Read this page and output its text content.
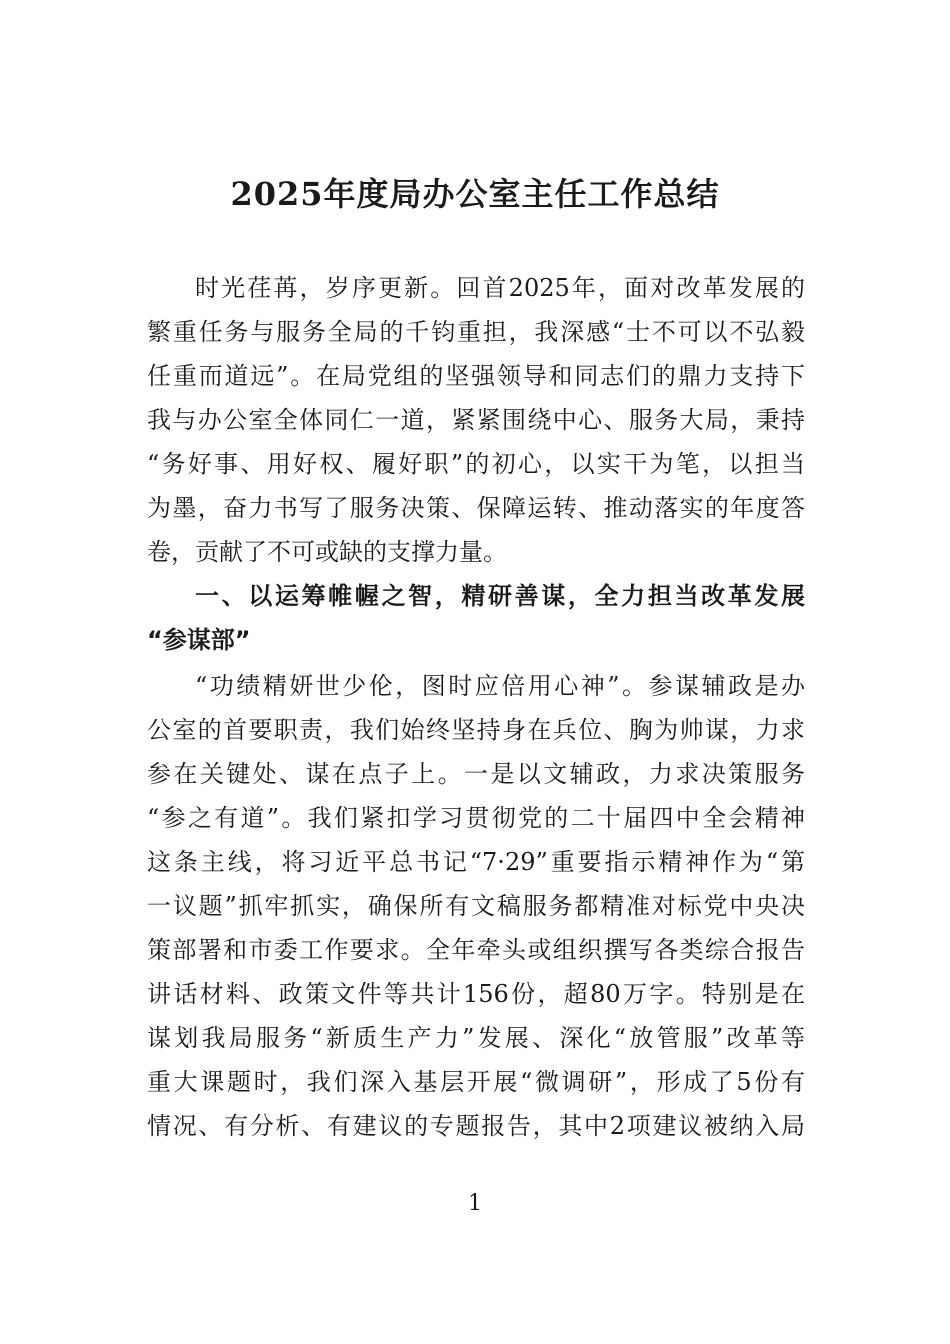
2025年度局办公室主任工作总结

时光荏苒，岁序更新。回首2025年，面对改革发展的

繁重任务与服务全局的千钧重担，我深感“士不可以不弘毅

任重而道远”。在局党组的坚强领导和同志们的鼎力支持下

我与办公室全体同仁一道，紧紧围绕中心、服务大局，秉持

“务好事、用好权、履好职”的初心，以实干为笔，以担当

为墨，奋力书写了服务决策、保障运转、推动落实的年度答

卷，贡献了不可或缺的支撑力量。

一、以运筹帷幄之智，精研善谋，全力担当改革发展

“参谋部”

“功绩精妍世少伦，图时应倍用心神”。参谋辅政是办

公室的首要职责，我们始终坚持身在兵位、胸为帅谋，力求

参在关键处、谋在点子上。一是以文辅政，力求决策服务

“参之有道”。我们紧扣学习贯彻党的二十届四中全会精神

这条主线，将习近平总书记“7·29”重要指示精神作为“第

一议题”抓牢抓实，确保所有文稿服务都精准对标党中央决

策部署和市委工作要求。全年牵头或组织撰写各类综合报告

讲话材料、政策文件等共计156份，超80万字。特别是在

谋划我局服务“新质生产力”发展、深化“放管服”改革等

重大课题时，我们深入基层开展“微调研”，形成了5份有

情况、有分析、有建议的专题报告，其中2项建议被纳入局

1
